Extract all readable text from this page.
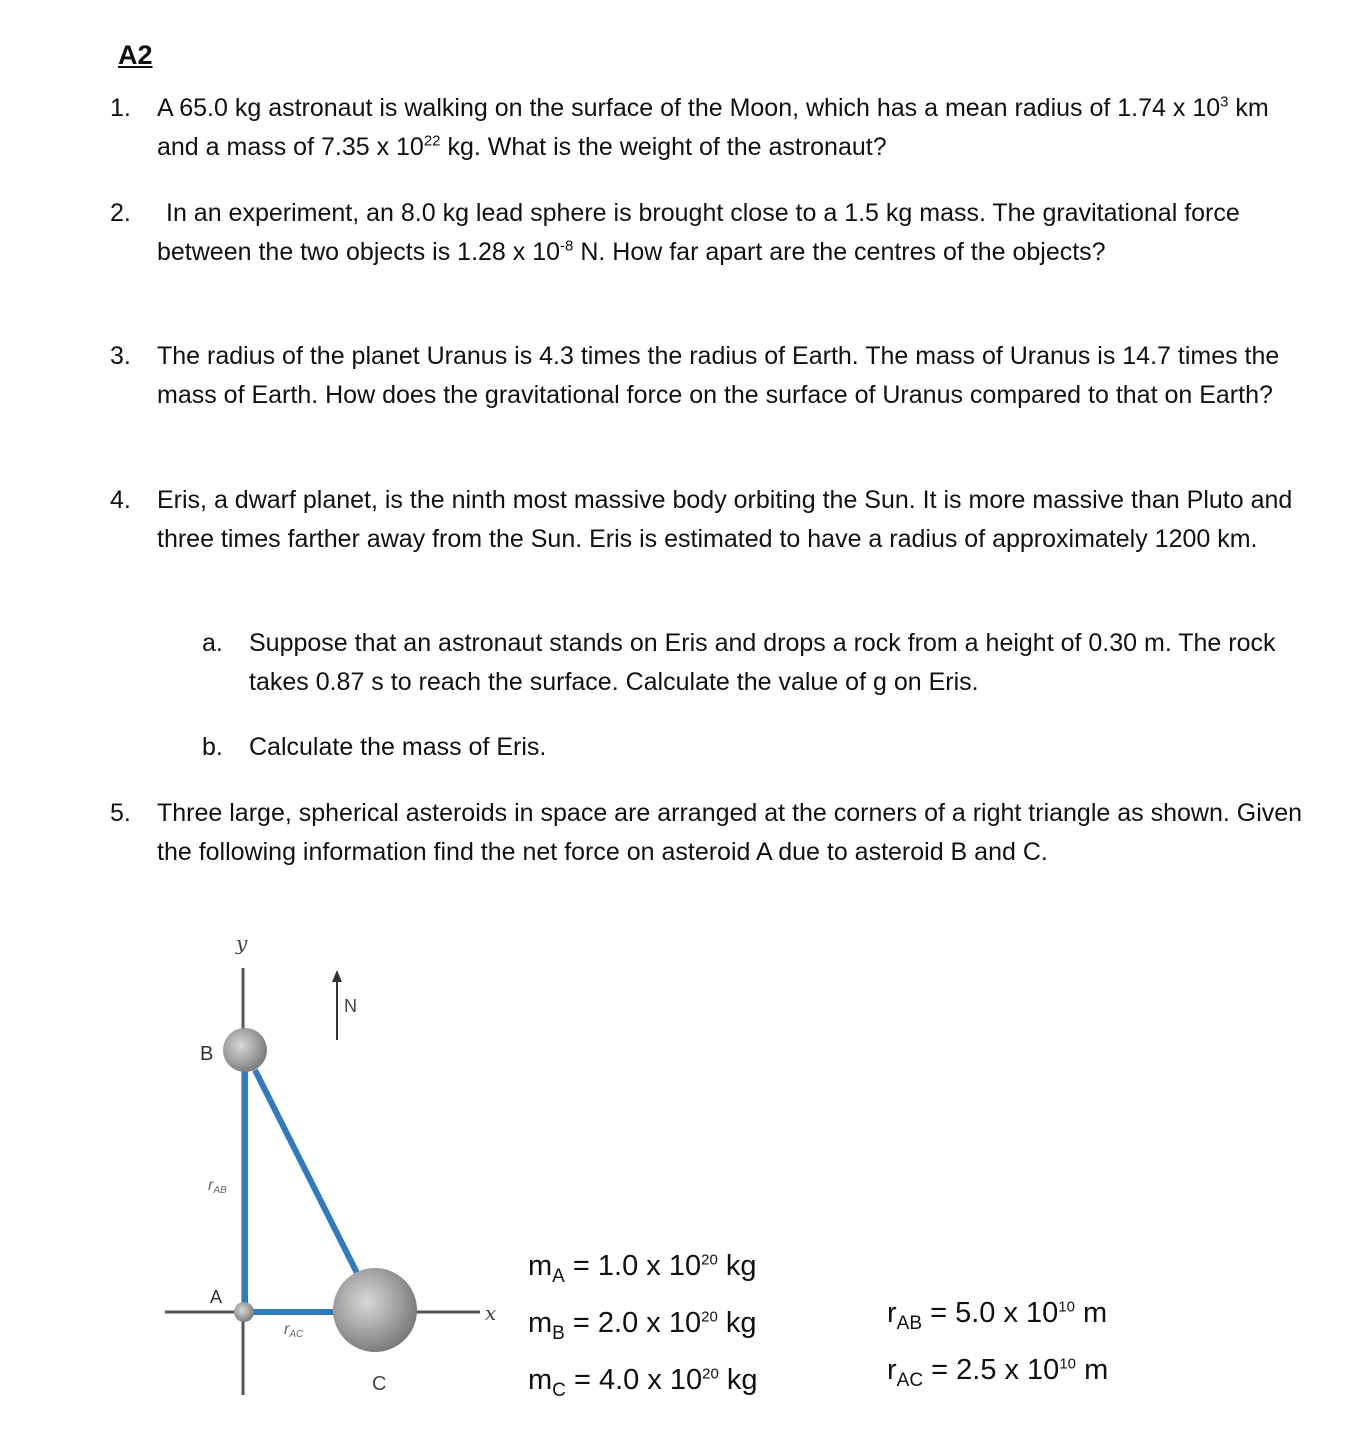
A2
1. A 65.0 kg astronaut is walking on the surface of the Moon, which has a mean radius of 1.74 x $10^3$ km and a mass of 7.35 x $10^{22}$ kg. What is the weight of the astronaut?
2.	In an experiment, an 8.0 kg lead sphere is brought close to a 1.5 kg mass. The gravitational force between the two objects is 1.28 x $10^{-8}$ N. How far apart are the centres of the objects?
3. The radius of the planet Uranus is 4.3 times the radius of Earth. The mass of Uranus is 14.7 times the mass of Earth. How does the gravitational force on the surface of Uranus compared to that on Earth?
4. Eris, a dwarf planet, is the ninth most massive body orbiting the Sun. It is more massive than Pluto and three times farther away from the Sun. Eris is estimated to have a radius of approximately 1200 km.
a. Suppose that an astronaut stands on Eris and drops a rock from a height of 0.30 m. The rock takes 0.87 s to reach the surface. Calculate the value of g on Eris.
b. Calculate the mass of Eris.
5. Three large, spherical asteroids in space are arranged at the corners of a right triangle as shown. Given the following information find the net force on asteroid A due to asteroid B and C.
y
x
N
B
A
C
rAB
rAC
$m_A = 1.0$ x $10^{20}$ kg
$m_B = 2.0$ x $10^{20}$ kg
$m_C = 4.0$ x $10^{20}$ kg
$r_{AB} = 5.0$ x $10^{10}$ m
$r_{AC} = 2.5$ x $10^{10}$ m
